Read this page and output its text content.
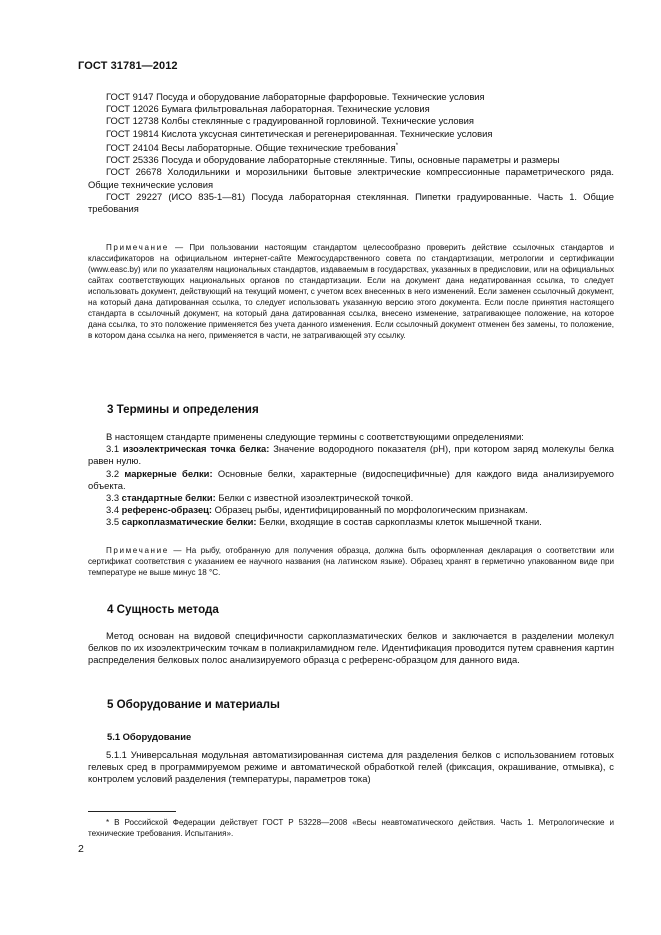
ГОСТ 31781—2012

ГОСТ 9147 Посуда и оборудование лабораторные фарфоровые. Технические условия

ГОСТ 12026 Бумага фильтровальная лабораторная. Технические условия

ГОСТ 12738 Колбы стеклянные с градуированной горловиной. Технические условия

ГОСТ 19814 Кислота уксусная синтетическая и регенерированная. Технические условия

ГОСТ 24104 Весы лабораторные. Общие технические требования*

ГОСТ 25336 Посуда и оборудование лабораторные стеклянные. Типы, основные параметры и размеры

ГОСТ 26678 Холодильники и морозильники бытовые электрические компрессионные параметрического ряда. Общие технические условия

ГОСТ 29227 (ИСО 835-1—81) Посуда лабораторная стеклянная. Пипетки градуированные. Часть 1. Общие требования

Примечание — При пользовании настоящим стандартом целесообразно проверить действие ссылочных стандартов и классификаторов на официальном интернет-сайте Межгосударственного совета по стандартизации, метрологии и сертификации (www.easc.by) или по указателям национальных стандартов, издаваемым в государствах, указанных в предисловии, или на официальных сайтах соответствующих национальных органов по стандартизации. Если на документ дана недатированная ссылка, то следует использовать документ, действующий на текущий момент, с учетом всех внесенных в него изменений. Если заменен ссылочный документ, на который дана датированная ссылка, то следует использовать указанную версию этого документа. Если после принятия настоящего стандарта в ссылочный документ, на который дана датированная ссылка, внесено изменение, затрагивающее положение, на которое дана ссылка, то это положение применяется без учета данного изменения. Если ссылочный документ отменен без замены, то положение, в котором дана ссылка на него, применяется в части, не затрагивающей эту ссылку.

3 Термины и определения

В настоящем стандарте применены следующие термины с соответствующими определениями:

3.1 изоэлектрическая точка белка: Значение водородного показателя (pH), при котором заряд молекулы белка равен нулю.

3.2 маркерные белки: Основные белки, характерные (видоспецифичные) для каждого вида анализируемого объекта.

3.3 стандартные белки: Белки с известной изоэлектрической точкой.

3.4 референс-образец: Образец рыбы, идентифицированный по морфологическим признакам.

3.5 саркоплазматические белки: Белки, входящие в состав саркоплазмы клеток мышечной ткани.

Примечание — На рыбу, отобранную для получения образца, должна быть оформленная декларация о соответствии или сертификат соответствия с указанием ее научного названия (на латинском языке). Образец хранят в герметично упакованном виде при температуре не выше минус 18 °С.

4 Сущность метода

Метод основан на видовой специфичности саркоплазматических белков и заключается в разделении молекул белков по их изоэлектрическим точкам в полиакриламидном геле. Идентификация проводится путем сравнения картин распределения белковых полос анализируемого образца с референс-образцом для данного вида.

5 Оборудование и материалы
5.1 Оборудование

5.1.1 Универсальная модульная автоматизированная система для разделения белков с использованием готовых гелевых сред в программируемом режиме и автоматической обработкой гелей (фиксация, окрашивание, отмывка), с контролем условий разделения (температуры, параметров тока)

* В Российской Федерации действует ГОСТ Р 53228—2008 «Весы неавтоматического действия. Часть 1. Метрологические и технические требования. Испытания».
2
